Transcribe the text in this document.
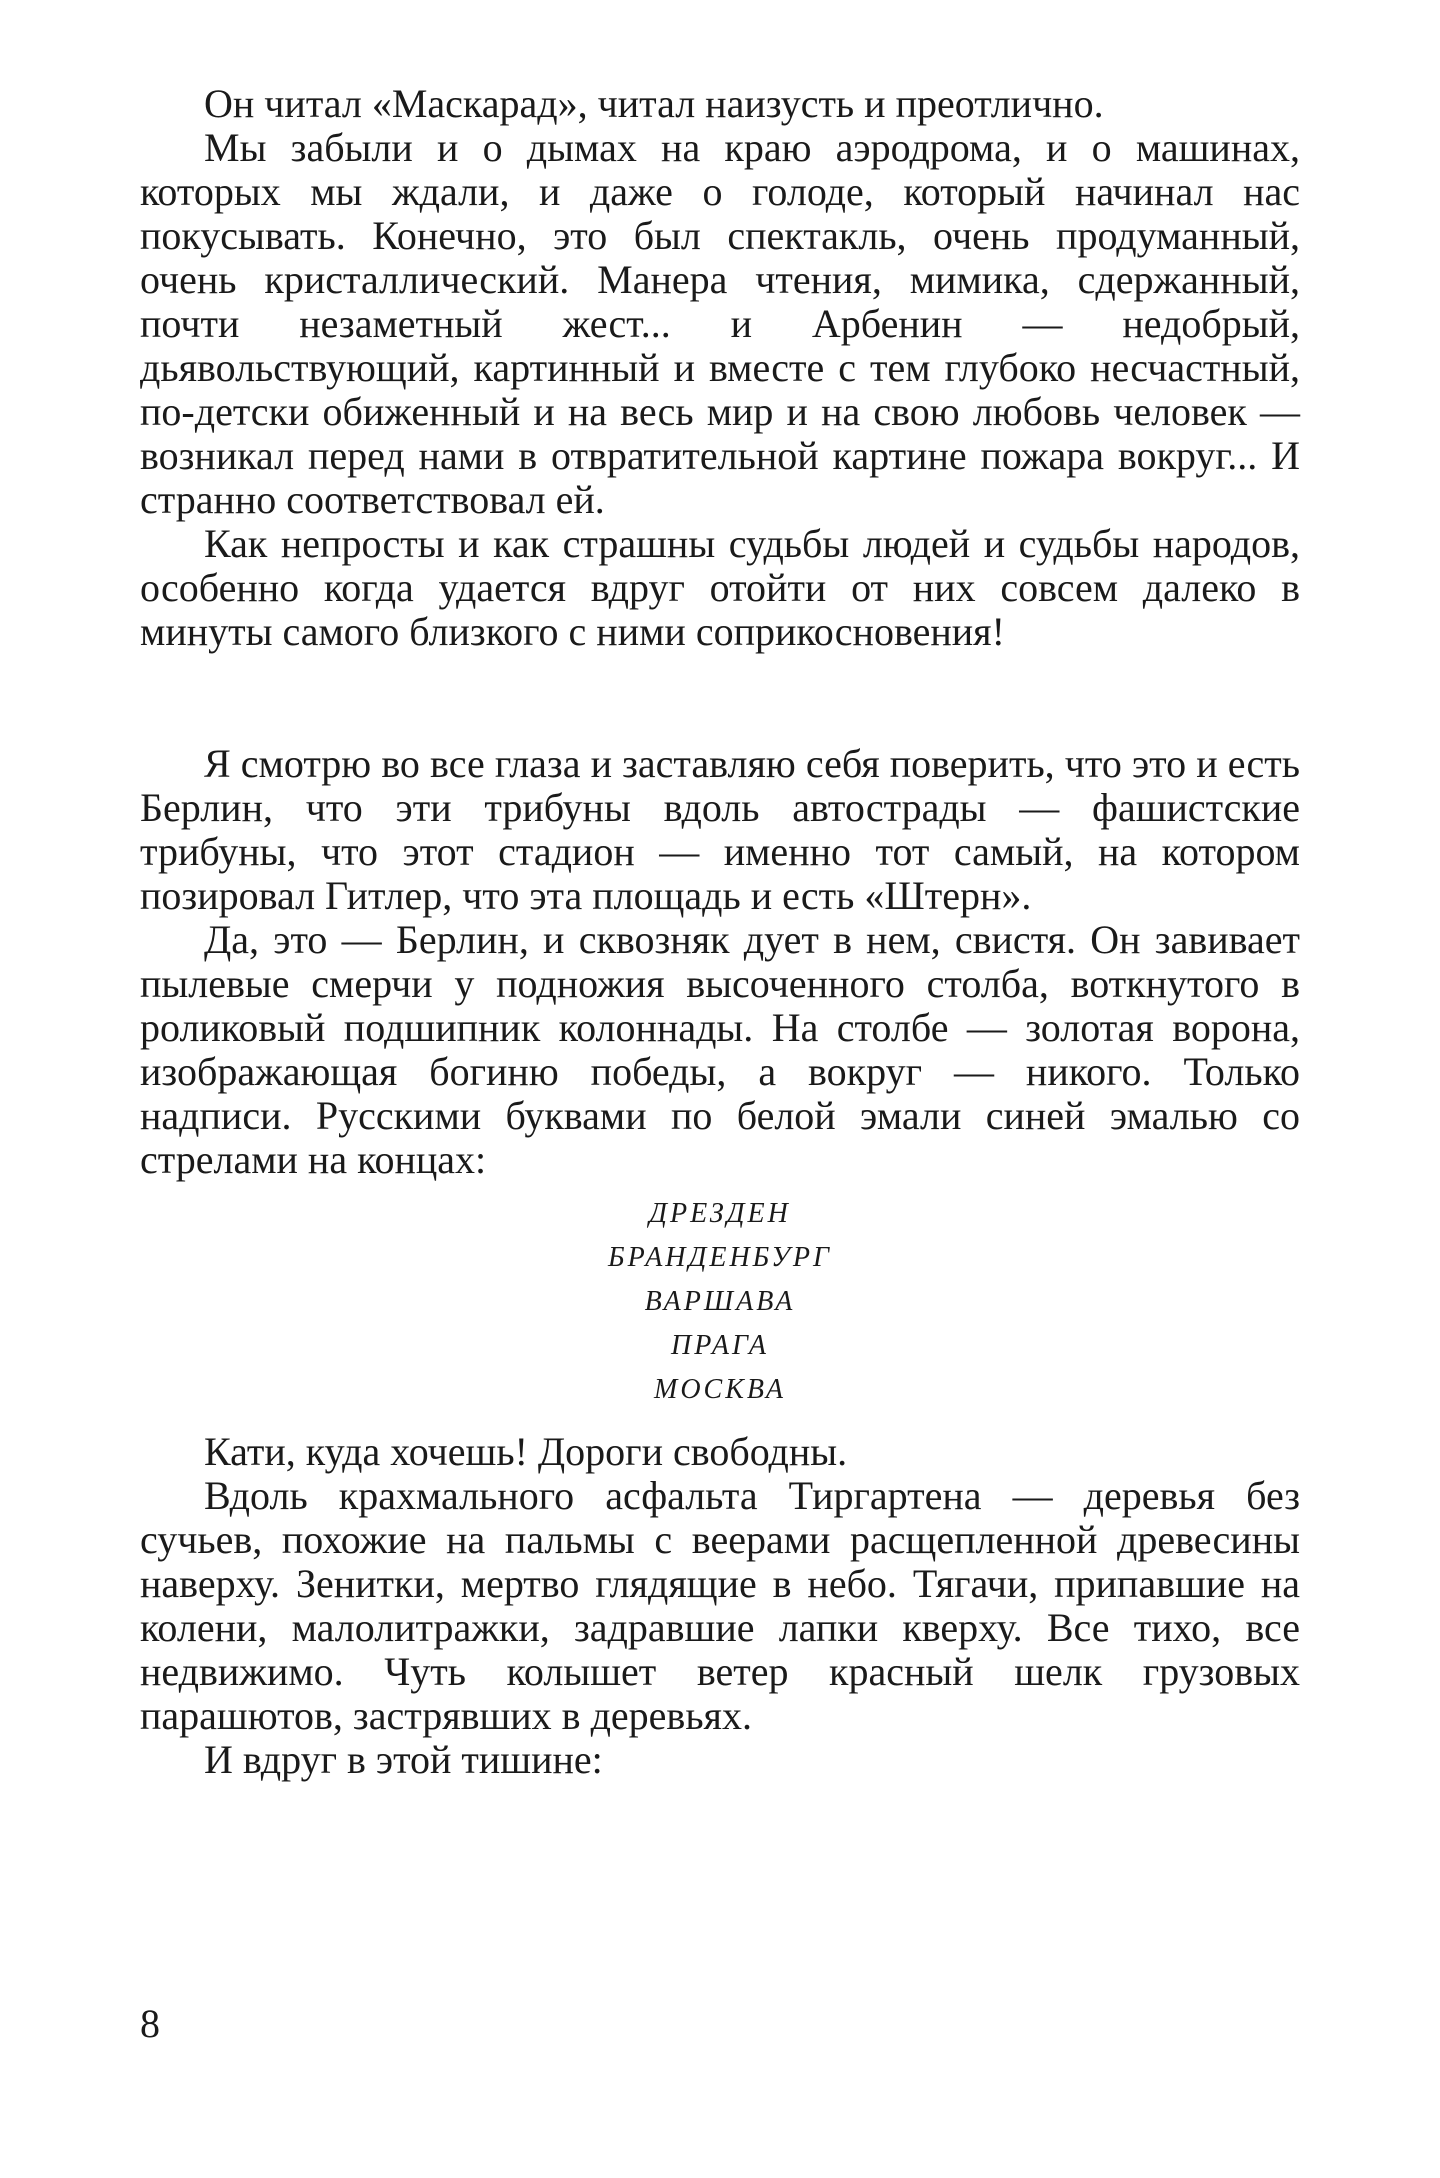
Он читал «Маскарад», читал наизусть и преотлично.

Мы забыли и о дымах на краю аэродрома, и о машинах, которых мы ждали, и даже о голоде, который начинал нас покусывать. Конечно, это был спектакль, очень продуманный, очень кристаллический. Манера чтения, мимика, сдержанный, почти незаметный жест... и Арбенин — недобрый, дьявольствующий, картинный и вместе с тем глубоко несчастный, по-детски обиженный и на весь мир и на свою любовь человек — возникал перед нами в отвратительной картине пожара вокруг... И странно соответствовал ей.

Как непросты и как страшны судьбы людей и судьбы народов, особенно когда удается вдруг отойти от них совсем далеко в минуты самого близкого с ними соприкосновения!

Я смотрю во все глаза и заставляю себя поверить, что это и есть Берлин, что эти трибуны вдоль автострады — фашистские трибуны, что этот стадион — именно тот самый, на котором позировал Гитлер, что эта площадь и есть «Штерн».

Да, это — Берлин, и сквозняк дует в нем, свистя. Он завивает пылевые смерчи у подножия высоченного столба, воткнутого в роликовый подшипник колоннады. На столбе — золотая ворона, изображающая богиню победы, а вокруг — никого. Только надписи. Русскими буквами по белой эмали синей эмалью со стрелами на концах:

ДРЕЗДЕН
БРАНДЕНБУРГ
ВАРШАВА
ПРАГА
МОСКВА

Кати, куда хочешь! Дороги свободны.

Вдоль крахмального асфальта Тиргартена — деревья без сучьев, похожие на пальмы с веерами расщепленной древесины наверху. Зенитки, мертво глядящие в небо. Тягачи, припавшие на колени, малолитражки, задравшие лапки кверху. Все тихо, все недвижимо. Чуть колышет ветер красный шелк грузовых парашютов, застрявших в деревьях.

И вдруг в этой тишине:

8
